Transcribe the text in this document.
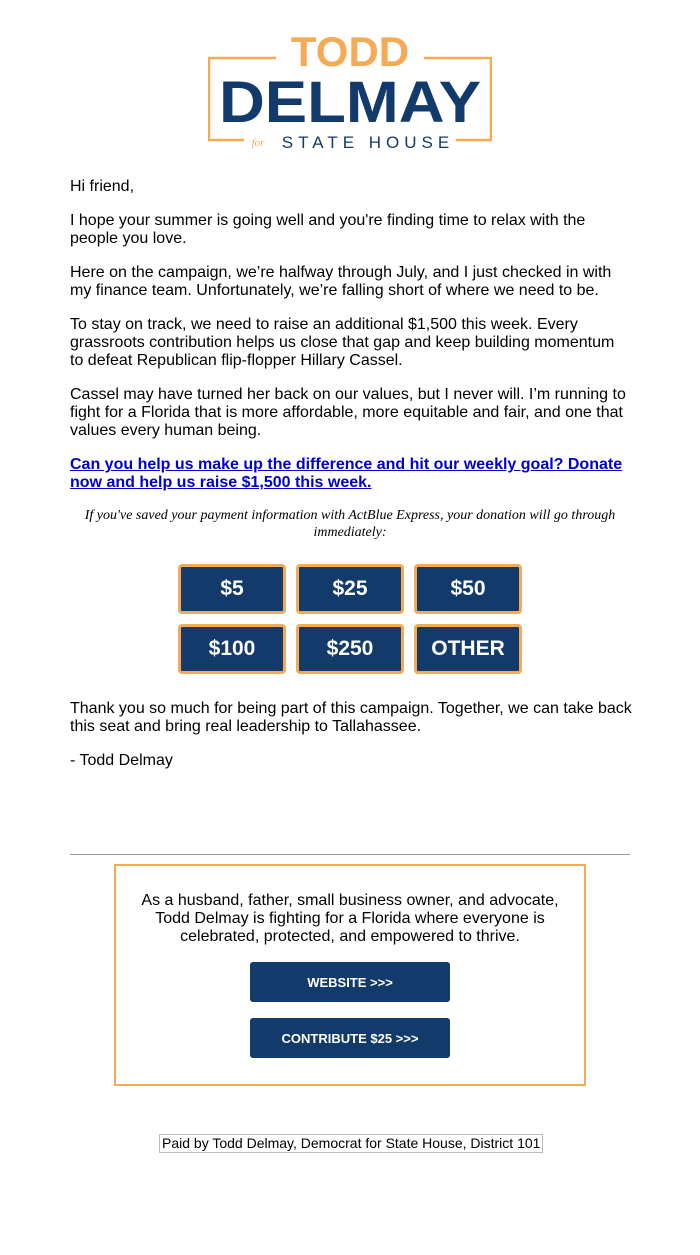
TODD
DELMAY
for STATE HOUSE

Hi friend,

I hope your summer is going well and you're finding time to relax with the people you love.

Here on the campaign, we’re halfway through July, and I just checked in with my finance team. Unfortunately, we’re falling short of where we need to be.

To stay on track, we need to raise an additional $1,500 this week. Every grassroots contribution helps us close that gap and keep building momentum to defeat Republican flip-flopper Hillary Cassel.

Cassel may have turned her back on our values, but I never will. I’m running to fight for a Florida that is more affordable, more equitable and fair, and one that values every human being.

Can you help us make up the difference and hit our weekly goal? Donate now and help us raise $1,500 this week.
If you've saved your payment information with ActBlue Express, your donation will go through immediately:
$5	$25	$50
$100	$250	OTHER

Thank you so much for being part of this campaign. Together, we can take back this seat and bring real leadership to Tallahassee.

- Todd Delmay

As a husband, father, small business owner, and advocate, Todd Delmay is fighting for a Florida where everyone is celebrated, protected, and empowered to thrive.
WEBSITE >>>
CONTRIBUTE $25 >>>
Paid by Todd Delmay, Democrat for State House, District 101
